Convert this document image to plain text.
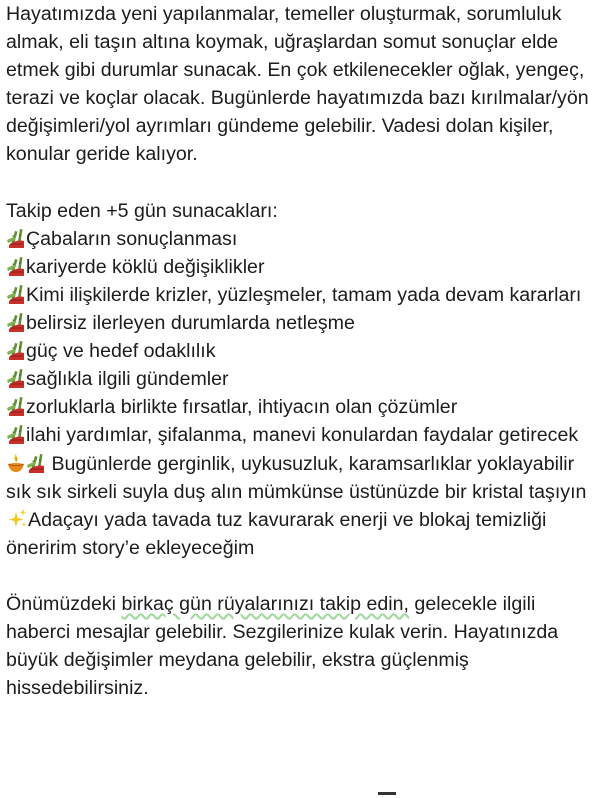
Hayatımızda yeni yapılanmalar, temeller oluşturmak, sorumluluk almak, eli taşın altına koymak, uğraşlardan somut sonuçlar elde etmek gibi durumlar sunacak. En çok etkilenecekler oğlak, yengeç, terazi ve koçlar olacak. Bugünlerde hayatımızda bazı kırılmalar/yön değişimleri/yol ayrımları gündeme gelebilir. Vadesi dolan kişiler, konular geride kalıyor.

Takip eden +5 gün sunacakları:

Çabaların sonuçlanması

kariyerde köklü değişiklikler

Kimi ilişkilerde krizler, yüzleşmeler, tamam yada devam kararları

belirsiz ilerleyen durumlarda netleşme

güç ve hedef odaklılık

sağlıkla ilgili gündemler

zorluklarla birlikte fırsatlar, ihtiyacın olan çözümler

ilahi yardımlar, şifalanma, manevi konulardan faydalar getirecek

Bugünlerde gerginlik, uykusuzluk, karamsarlıklar yoklayabilir sık sık sirkeli suyla duş alın mümkünse üstünüzde bir kristal taşıyın
Adaçayı yada tavada tuz kavurarak enerji ve blokaj temizliği öneririm story’e ekleyeceğim

Önümüzdeki birkaç gün rüyalarınızı takip edin, gelecekle ilgili haberci mesajlar gelebilir. Sezgilerinize kulak verin. Hayatınızda büyük değişimler meydana gelebilir, ekstra güçlenmiş hissedebilirsiniz.
